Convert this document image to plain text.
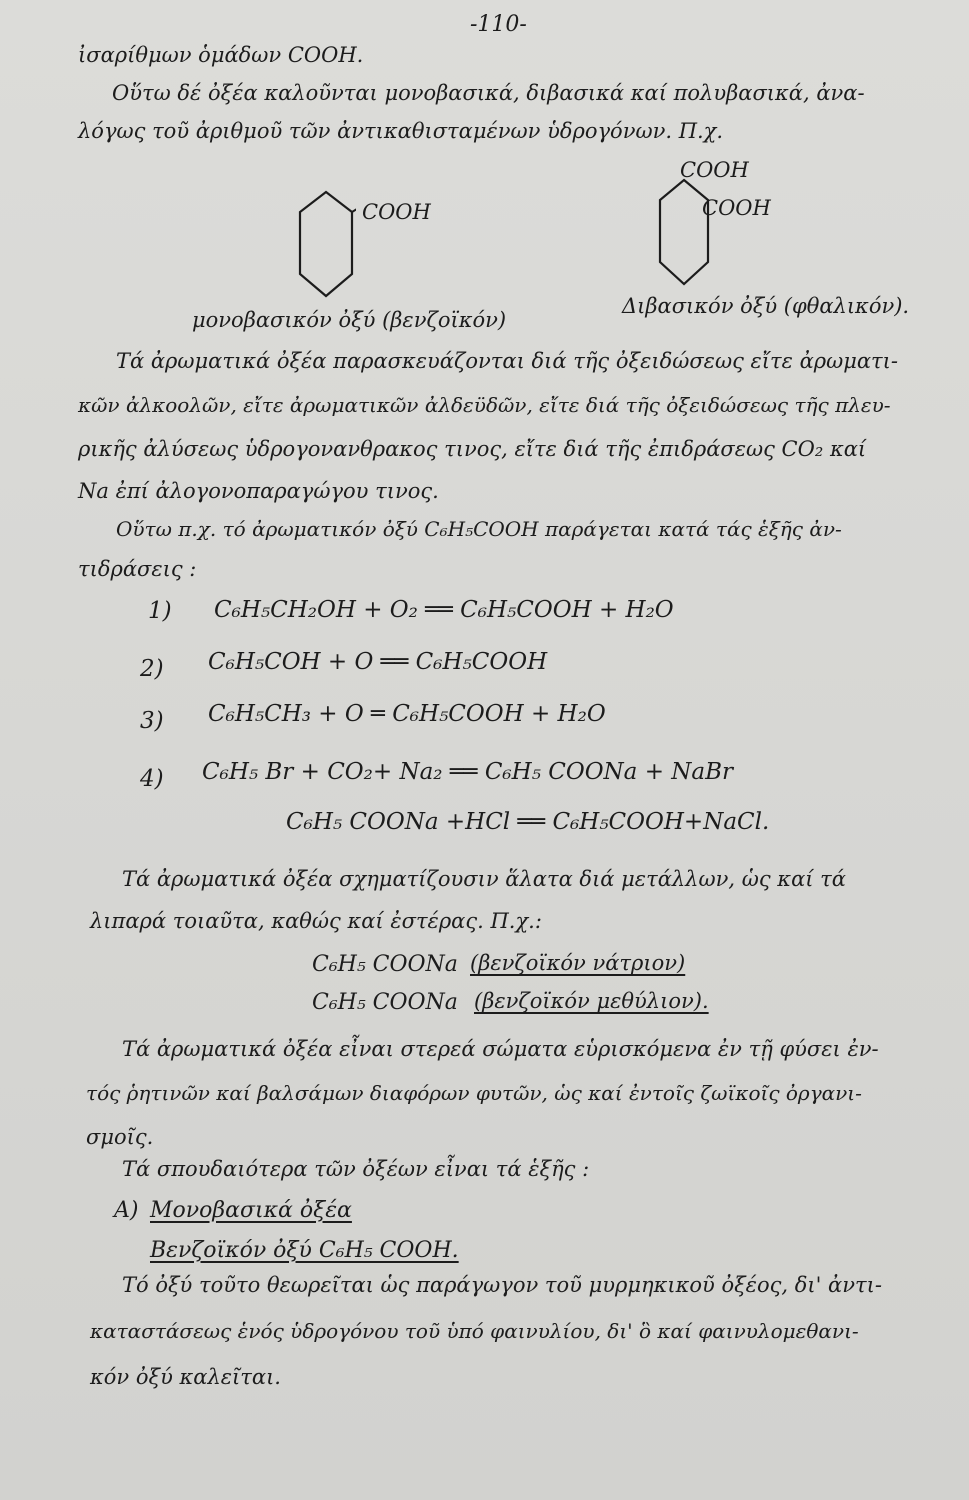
-110-
ἰσαρίθμων ὁμάδων COOH.
Οὕτω δέ ὀξέα καλοῦνται μονοβασικά, διβασικά καί πολυβασικά, ἀνα-
λόγως τοῦ ἀριθμοῦ τῶν ἀντικαθισταμένων ὑδρογόνων. Π.χ.
COOH
μονοβασικόν ὀξύ (βενζοϊκόν)
COOH
COOH
Διβασικόν ὀξύ (φθαλικόν).
Τά ἀρωματικά ὀξέα παρασκευάζονται διά τῆς ὀξειδώσεως εἴτε ἀρωματι-
κῶν ἀλκοολῶν, εἴτε ἀρωματικῶν ἀλδεϋδῶν, εἴτε διά τῆς ὀξειδώσεως τῆς πλευ-
ρικῆς ἀλύσεως ὑδρογονανθρακος τινος, εἴτε διά τῆς ἐπιδράσεως CO₂ καί
Na ἐπί ἀλογονοπαραγώγου τινος.
Οὕτω π.χ. τό ἀρωματικόν ὀξύ C₆H₅COOH παράγεται κατά τάς ἑξῆς ἀν-
τιδράσεις :
1) C₆H₅CH₂OH + O₂ ══ C₆H₅COOH + H₂O
2) C₆H₅COH + O ══ C₆H₅COOH
3) C₆H₅CH₃ + O ═ C₆H₅COOH + H₂O
4) C₆H₅ Br + CO₂+ Na₂ ══ C₆H₅ COONa + NaBr
C₆H₅ COONa +HCl ══ C₆H₅COOH+NaCl.
Τά ἀρωματικά ὀξέα σχηματίζουσιν ἅλατα διά μετάλλων, ὡς καί τά
λιπαρά τοιαῦτα, καθώς καί ἐστέρας. Π.χ.:
C₆H₅ COONa (βενζοϊκόν νάτριον)
C₆H₅ COONa (βενζοϊκόν μεθύλιον).
Τά ἀρωματικά ὀξέα εἶναι στερεά σώματα εὑρισκόμενα ἐν τῇ φύσει ἐν-
τός ῥητινῶν καί βαλσάμων διαφόρων φυτῶν, ὡς καί ἐντοῖς ζωϊκοῖς ὀργανι-
σμοῖς.
Τά σπουδαιότερα τῶν ὀξέων εἶναι τά ἑξῆς :
Α) Μονοβασικά ὀξέα
Βενζοϊκόν ὀξύ C₆H₅ COOH.
Τό ὀξύ τοῦτο θεωρεῖται ὡς παράγωγον τοῦ μυρμηκικοῦ ὀξέος, δι' ἀντι-
καταστάσεως ἑνός ὑδρογόνου τοῦ ὑπό φαινυλίου, δι' ὃ καί φαινυλομεθανι-
κόν ὀξύ καλεῖται.
